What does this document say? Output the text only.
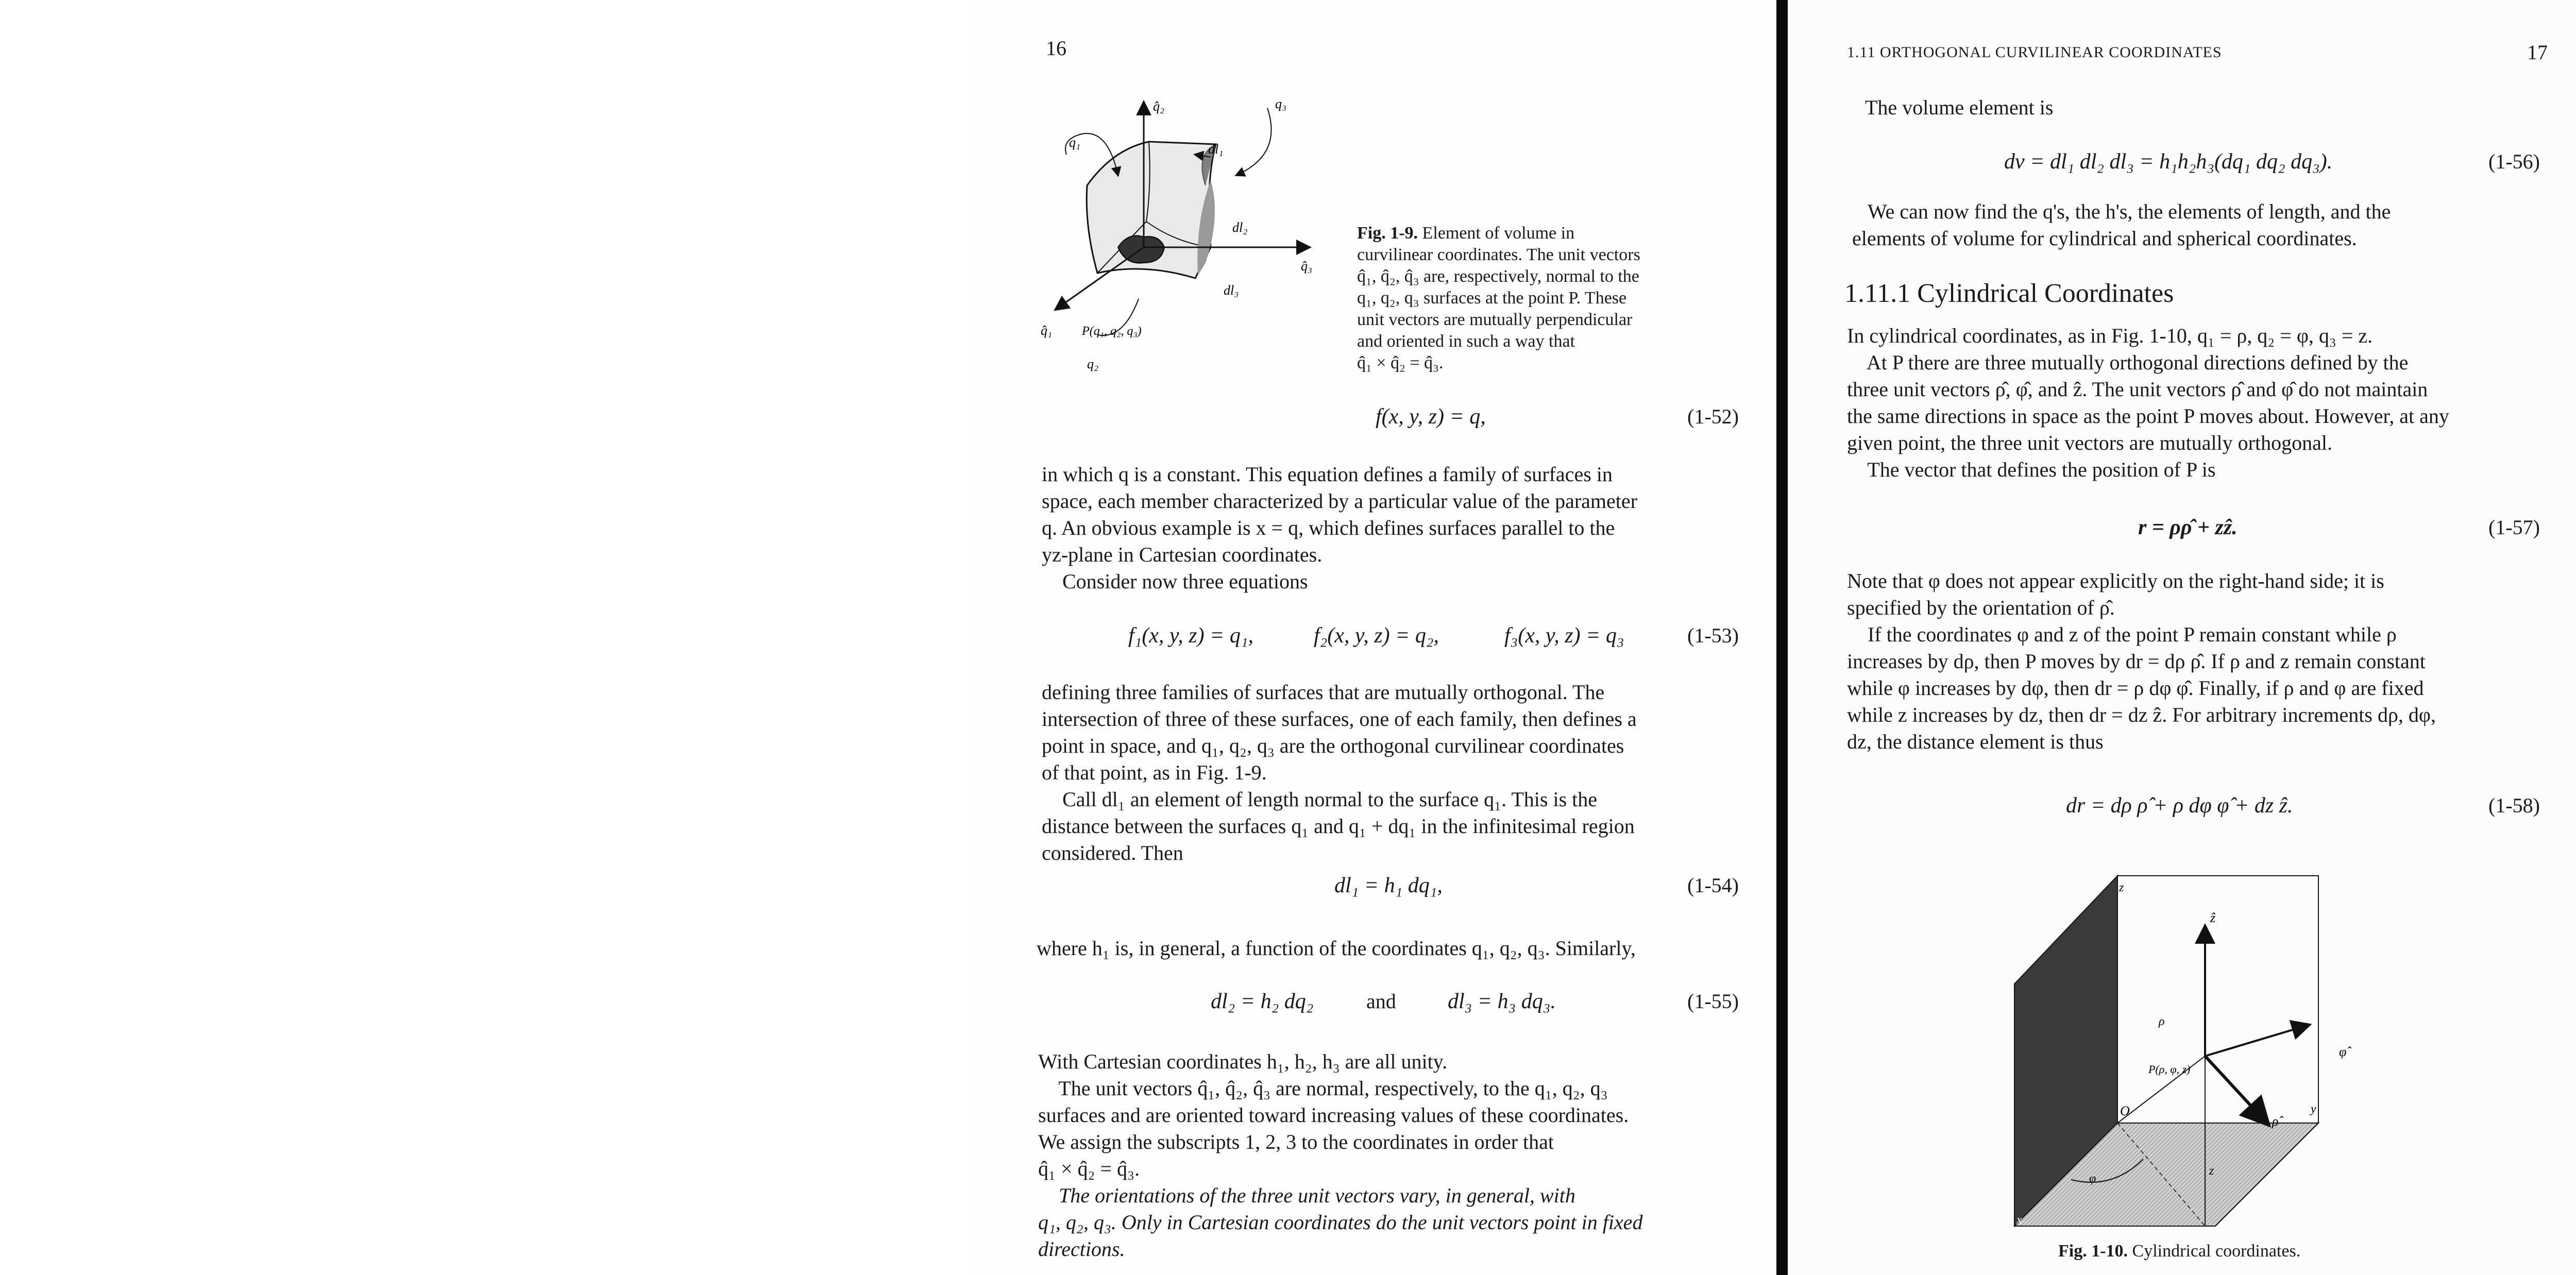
16
q̂₂
q₁
q₃
dl₁
dl₂
dl₃
q̂₃
q̂₁ P(q₁, q₂, q₃)
q₂
Fig. 1-9. Element of volume in
curvilinear coordinates. The unit vectors
q̂₁, q̂₂, q̂₃ are, respectively, normal to the
q₁, q₂, q₃ surfaces at the point P. These
unit vectors are mutually perpendicular
and oriented in such a way that
q̂₁ × q̂₂ = q̂₃.
f(x, y, z) = q,	(1-52)
in which q is a constant. This equation defines a family of surfaces in
space, each member characterized by a particular value of the parameter
q. An obvious example is x = q, which defines surfaces parallel to the
yz-plane in Cartesian coordinates.
Consider now three equations
f₁(x, y, z) = q₁,	f₂(x, y, z) = q₂,	f₃(x, y, z) = q₃	(1-53)
defining three families of surfaces that are mutually orthogonal. The
intersection of three of these surfaces, one of each family, then defines a
point in space, and q₁, q₂, q₃ are the orthogonal curvilinear coordinates
of that point, as in Fig. 1-9.
Call dl₁ an element of length normal to the surface q₁. This is the
distance between the surfaces q₁ and q₁ + dq₁ in the infinitesimal region
considered. Then
dl₁ = h₁ dq₁,	(1-54)
where h₁ is, in general, a function of the coordinates q₁, q₂, q₃. Similarly,
dl₂ = h₂ dq₂	and dl₃ = h₃ dq₃.	(1-55)
With Cartesian coordinates h₁, h₂, h₃ are all unity.
The unit vectors q̂₁, q̂₂, q̂₃ are normal, respectively, to the q₁, q₂, q₃
surfaces and are oriented toward increasing values of these coordinates.
We assign the subscripts 1, 2, 3 to the coordinates in order that
q̂₁ × q̂₂ = q̂₃.
The orientations of the three unit vectors vary, in general, with
q₁, q₂, q₃. Only in Cartesian coordinates do the unit vectors point in fixed
directions.
1.11 ORTHOGONAL CURVILINEAR COORDINATES	17
The volume element is
dv = dl₁ dl₂ dl₃ = h₁h₂h₃(dq₁ dq₂ dq₃).	(1-56)
We can now find the q's, the h's, the elements of length, and the
elements of volume for cylindrical and spherical coordinates.
1.11.1 Cylindrical Coordinates
In cylindrical coordinates, as in Fig. 1-10, q₁ = ρ, q₂ = φ, q₃ = z.
At P there are three mutually orthogonal directions defined by the
three unit vectors ρ̂, φ̂, and ẑ. The unit vectors ρ̂ and φ̂ do not maintain
the same directions in space as the point P moves about. However, at any
given point, the three unit vectors are mutually orthogonal.
The vector that defines the position of P is
r = ρρ̂ + zẑ.	(1-57)
Note that φ does not appear explicitly on the right-hand side; it is
specified by the orientation of ρ̂.
If the coordinates φ and z of the point P remain constant while ρ
increases by dρ, then P moves by dr = dρ ρ̂. If ρ and z remain constant
while φ increases by dφ, then dr = ρ dφ φ̂. Finally, if ρ and φ are fixed
while z increases by dz, then dr = dz ẑ. For arbitrary increments dρ, dφ,
dz, the distance element is thus
dr = dρ ρ̂ + ρ dφ φ̂ + dz ẑ.	(1-58)
z
ẑ
ρ
φ̂
P(ρ, φ, z)
O	y
ρ̂
φ
z
x
Fig. 1-10. Cylindrical coordinates.
